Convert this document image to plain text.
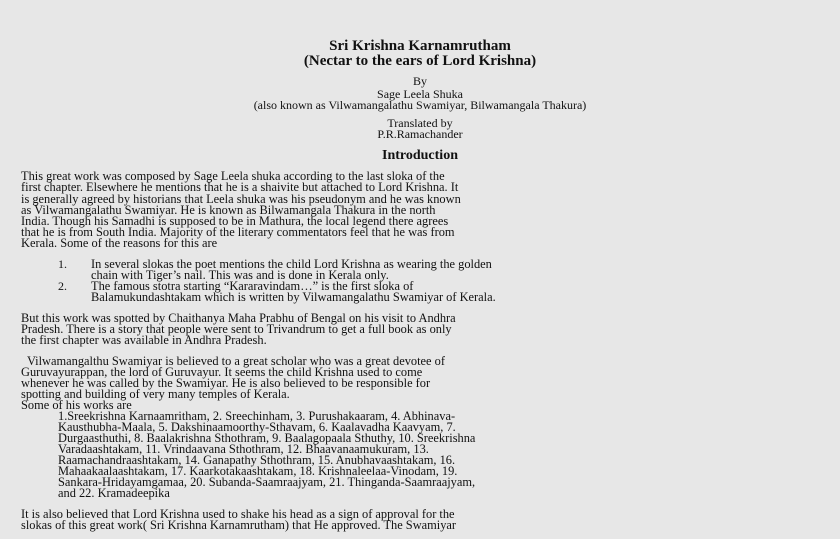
Sri Krishna Karnamrutham
(Nectar to the ears of Lord Krishna)
By
Sage Leela Shuka
(also known as Vilwamangalathu Swamiyar, Bilwamangala Thakura)
Translated by
P.R.Ramachander
Introduction
This great work was composed by Sage Leela shuka according to the last sloka of the
first chapter. Elsewhere he mentions that he is a shaivite but attached to Lord Krishna. It
is generally agreed by historians that Leela shuka was his pseudonym and he was known
as Vilwamangalathu Swamiyar. He is known as Bilwamangala Thakura in the north
India. Though his Samadhi is supposed to be in Mathura, the local legend there agrees
that he is from South India. Majority of the literary commentators feel that he was from
Kerala. Some of the reasons for this are
1. In several slokas the poet mentions the child Lord Krishna as wearing the golden
chain with Tiger’s nail. This was and is done in Kerala only.
2. The famous stotra starting “Kararavindam…” is the first sloka of
Balamukundashtakam which is written by Vilwamangalathu Swamiyar of Kerala.
But this work was spotted by Chaithanya Maha Prabhu of Bengal on his visit to Andhra
Pradesh. There is a story that people were sent to Trivandrum to get a full book as only
the first chapter was available in Andhra Pradesh.
Vilwamangalthu Swamiyar is believed to a great scholar who was a great devotee of
Guruvayurappan, the lord of Guruvayur. It seems the child Krishna used to come
whenever he was called by the Swamiyar. He is also believed to be responsible for
spotting and building of very many temples of Kerala.
Some of his works are
1.Sreekrishna Karnaamritham, 2. Sreechinham, 3. Purushakaaram, 4. Abhinava-
Kausthubha-Maala, 5. Dakshinaamoorthy-Sthavam, 6. Kaalavadha Kaavyam, 7.
Durgaasthuthi, 8. Baalakrishna Sthothram, 9. Baalagopaala Sthuthy, 10. Sreekrishna
Varadaashtakam, 11. Vrindaavana Sthothram, 12. Bhaavanaamukuram, 13.
Raamachandraashtakam, 14. Ganapathy Sthothram, 15. Anubhavaashtakam, 16.
Mahaakaalaashtakam, 17. Kaarkotakaashtakam, 18. Krishnaleelaa-Vinodam, 19.
Sankara-Hridayamgamaa, 20. Subanda-Saamraajyam, 21. Thinganda-Saamraajyam,
and 22. Kramadeepika
It is also believed that Lord Krishna used to shake his head as a sign of approval for the
slokas of this great work( Sri Krishna Karnamrutham) that He approved. The Swamiyar
